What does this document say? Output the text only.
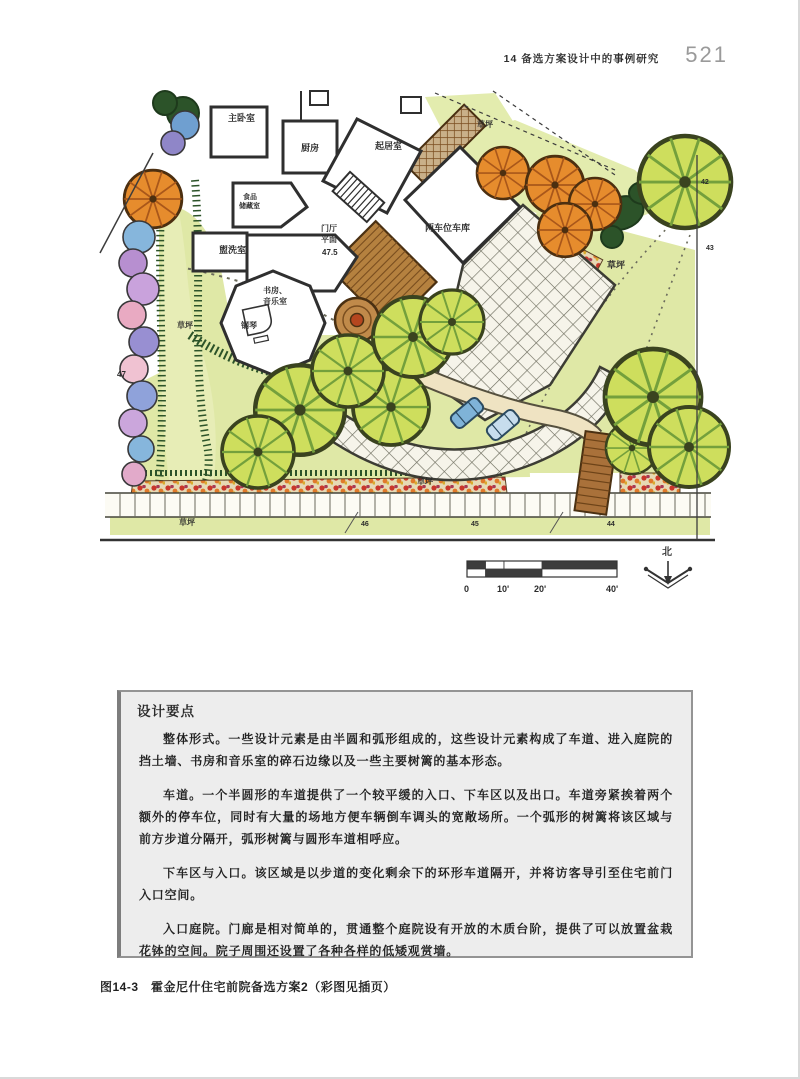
14 备选方案设计中的事例研究 521
主卧室
厨房	起居室
草坪
食品
储藏室
盥洗室
门厅
平面
47.5
两车位车库
书房、
音乐室
钢琴
草坪
47
草坪
42
43
草坪
草坪	46	45	44
0	10'	20'	40'
北
设计要点

整体形式。一些设计元素是由半圆和弧形组成的，这些设计元素构成了车道、进入庭院的挡土墙、书房和音乐室的碎石边缘以及一些主要树篱的基本形态。

车道。一个半圆形的车道提供了一个较平缓的入口、下车区以及出口。车道旁紧挨着两个额外的停车位，同时有大量的场地方便车辆倒车调头的宽敞场所。一个弧形的树篱将该区域与前方步道分隔开，弧形树篱与圆形车道相呼应。

下车区与入口。该区域是以步道的变化剩余下的环形车道隔开，并将访客导引至住宅前门入口空间。

入口庭院。门廊是相对简单的，贯通整个庭院设有开放的木质台阶，提供了可以放置盆栽花钵的空间。院子周围还设置了各种各样的低矮观赏墙。

图14-3　霍金尼什住宅前院备选方案2（彩图见插页）
